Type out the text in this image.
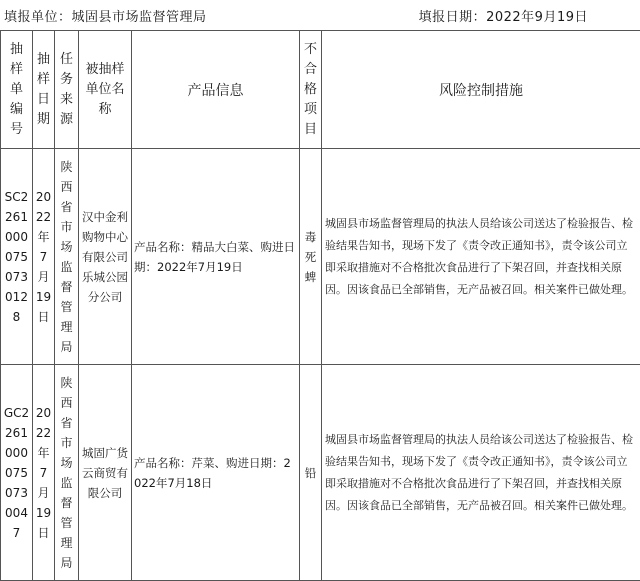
填报单位：城固县市场监督管理局	填报日期：2022年9月19日
抽样单编号	抽样日期	任务来源	被抽样单位名称	产品信息	不合格项目	风险控制措施

SC22610000750730128	2022年7月19日	陕西省市场监督管理局	汉中金利购物中心有限公司乐城公园分公司	产品名称：精品大白菜、购进日期：2022年7月19日	毒死蜱	城固县市场监督管理局的执法人员给该公司送达了检验报告、检验结果告知书，现场下发了《责令改正通知书》，责令该公司立即采取措施对不合格批次食品进行了下架召回，并查找相关原因。因该食品已全部销售，无产品被召回。相关案件已做处理。

GC22610000750730047	2022年7月19日	陕西省市场监督管理局	城固广货云商贸有限公司	产品名称：芹菜、购进日期：2022年7月18日	铅	城固县市场监督管理局的执法人员给该公司送达了检验报告、检验结果告知书，现场下发了《责令改正通知书》，责令该公司立即采取措施对不合格批次食品进行了下架召回，并查找相关原因。因该食品已全部销售，无产品被召回。相关案件已做处理。
